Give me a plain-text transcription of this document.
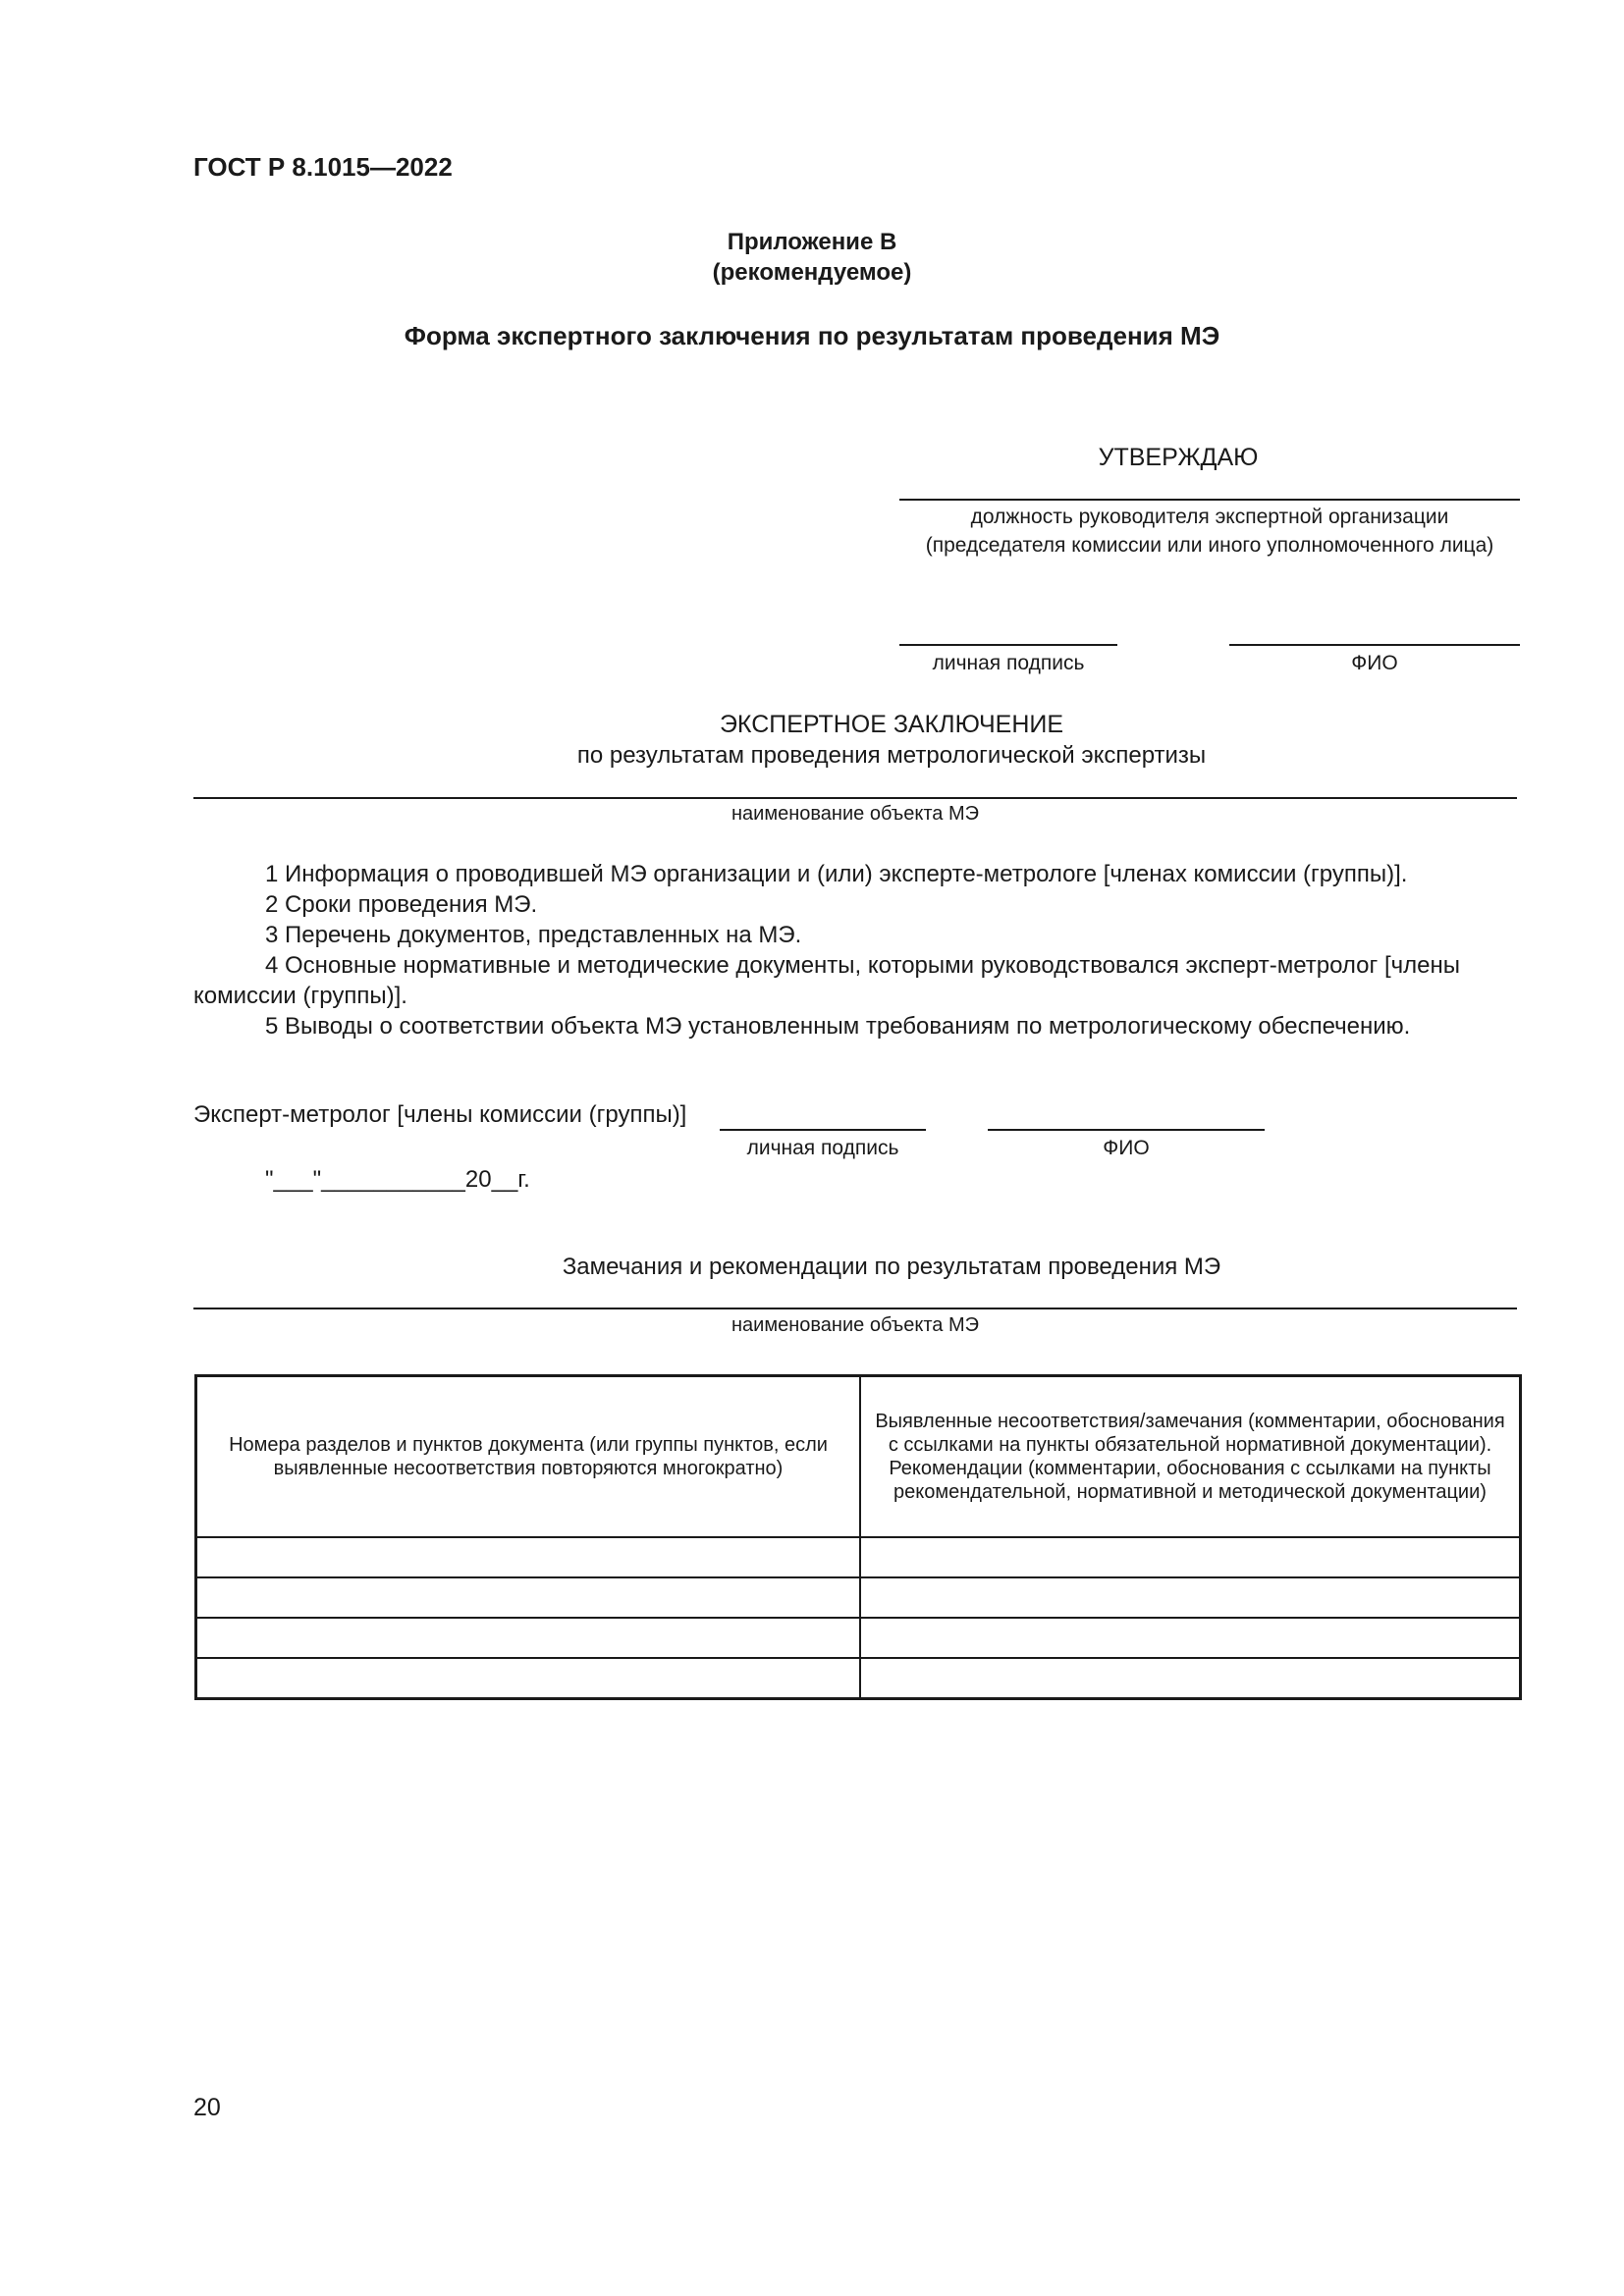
ГОСТ Р 8.1015—2022
Приложение В
(рекомендуемое)
Форма экспертного заключения по результатам проведения МЭ
УТВЕРЖДАЮ
должность руководителя экспертной организации
(председателя комиссии или иного уполномоченного лица)
личная подпись	ФИО
ЭКСПЕРТНОЕ ЗАКЛЮЧЕНИЕ
по результатам проведения метрологической экспертизы
наименование объекта МЭ
1 Информация о проводившей МЭ организации и (или) эксперте-метрологе [членах комиссии (группы)].
2 Сроки проведения МЭ.
3 Перечень документов, представленных на МЭ.
4 Основные нормативные и методические документы, которыми руководствовался эксперт-метролог [члены комиссии (группы)].
5 Выводы о соответствии объекта МЭ установленным требованиям по метрологическому обеспечению.
Эксперт-метролог [члены комиссии (группы)]
личная подпись	ФИО
"___"___________20__г.
Замечания и рекомендации по результатам проведения МЭ
наименование объекта МЭ
Номера разделов и пунктов документа (или группы пунктов, если выявленные несоответствия повторяются многократно)	Выявленные несоответствия/замечания (комментарии, обоснования с ссылками на пункты обязательной нормативной документации). Рекомендации (комментарии, обоснования с ссылками на пункты рекомендательной, нормативной и методической документации)

20
